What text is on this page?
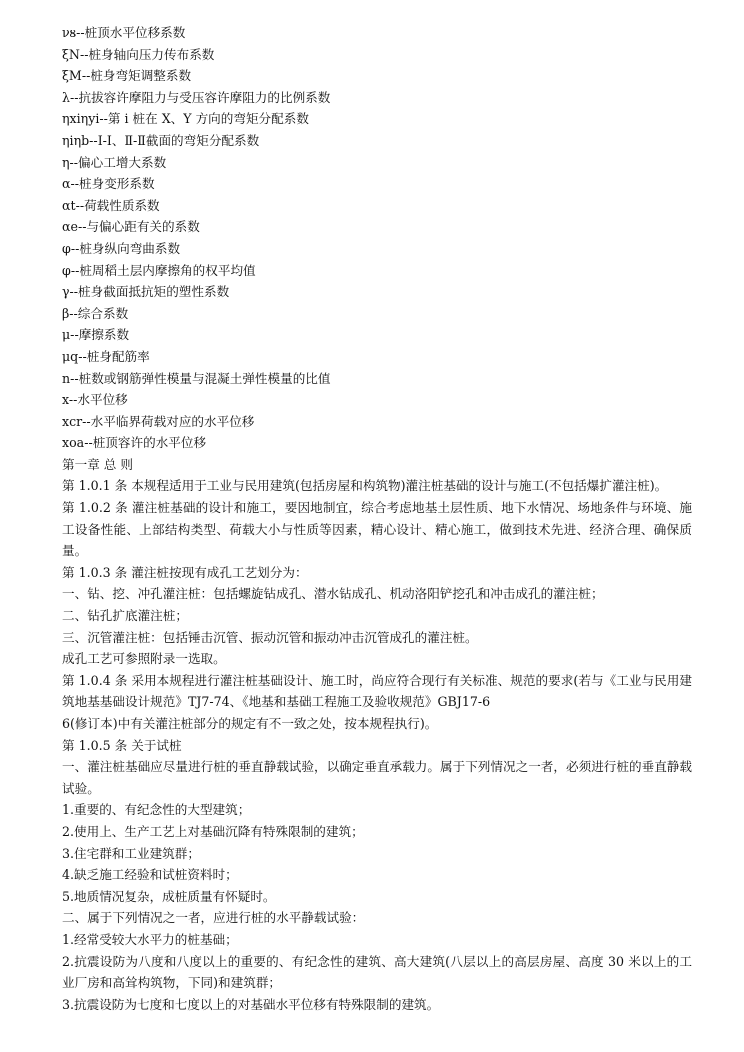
νᴕ--桩顶水平位移系数

ξN--桩身轴向压力传布系数

ξM--桩身弯矩调整系数

λ--抗拔容许摩阻力与受压容许摩阻力的比例系数

ηxiηyi--第 i 桩在 X、Y 方向的弯矩分配系数

ηiηb--Ⅰ-Ⅰ、Ⅱ-Ⅱ截面的弯矩分配系数

η--偏心工增大系数

α--桩身变形系数

αt--荷载性质系数

αe--与偏心距有关的系数

φ--桩身纵向弯曲系数

φ--桩周稻土层内摩擦角的权平均值

γ--桩身截面抵抗矩的塑性系数

β--综合系数

μ--摩擦系数

μq--桩身配筋率

n--桩数或钢筋弹性模量与混凝土弹性模量的比值

x--水平位移

xcr--水平临界荷载对应的水平位移

xoa--桩顶容许的水平位移

第一章 总 则

第 1.0.1 条 本规程适用于工业与民用建筑(包括房屋和构筑物)灌注桩基础的设计与施工(不包括爆扩灌注桩)。

第 1.0.2 条 灌注桩基础的设计和施工，要因地制宜，综合考虑地基土层性质、地下水情况、场地条件与环境、施工设备性能、上部结构类型、荷载大小与性质等因素，精心设计、精心施工，做到技术先进、经济合理、确保质量。

第 1.0.3 条 灌注桩按现有成孔工艺划分为：

一、钻、挖、冲孔灌注桩：包括螺旋钻成孔、潜水钻成孔、机动洛阳铲挖孔和冲击成孔的灌注桩；

二、钻孔扩底灌注桩；

三、沉管灌注桩：包括锤击沉管、振动沉管和振动冲击沉管成孔的灌注桩。

成孔工艺可参照附录一选取。

第 1.0.4 条 采用本规程进行灌注桩基础设计、施工时，尚应符合现行有关标准、规范的要求(若与《工业与民用建筑地基基础设计规范》TJ7-74、《地基和基础工程施工及验收规范》GBJ17-6

6(修订本)中有关灌注桩部分的规定有不一致之处，按本规程执行)。

第 1.0.5 条 关于试桩

一、灌注桩基础应尽量进行桩的垂直静载试验，以确定垂直承载力。属于下列情况之一者，必须进行桩的垂直静载试验。

1.重要的、有纪念性的大型建筑；

2.使用上、生产工艺上对基础沉降有特殊限制的建筑；

3.住宅群和工业建筑群；

4.缺乏施工经验和试桩资料时；

5.地质情况复杂，成桩质量有怀疑时。

二、属于下列情况之一者，应进行桩的水平静载试验：

1.经常受较大水平力的桩基础；

2.抗震设防为八度和八度以上的重要的、有纪念性的建筑、高大建筑(八层以上的高层房屋、高度 30 米以上的工业厂房和高耸构筑物，下同)和建筑群；

3.抗震设防为七度和七度以上的对基础水平位移有特殊限制的建筑。
